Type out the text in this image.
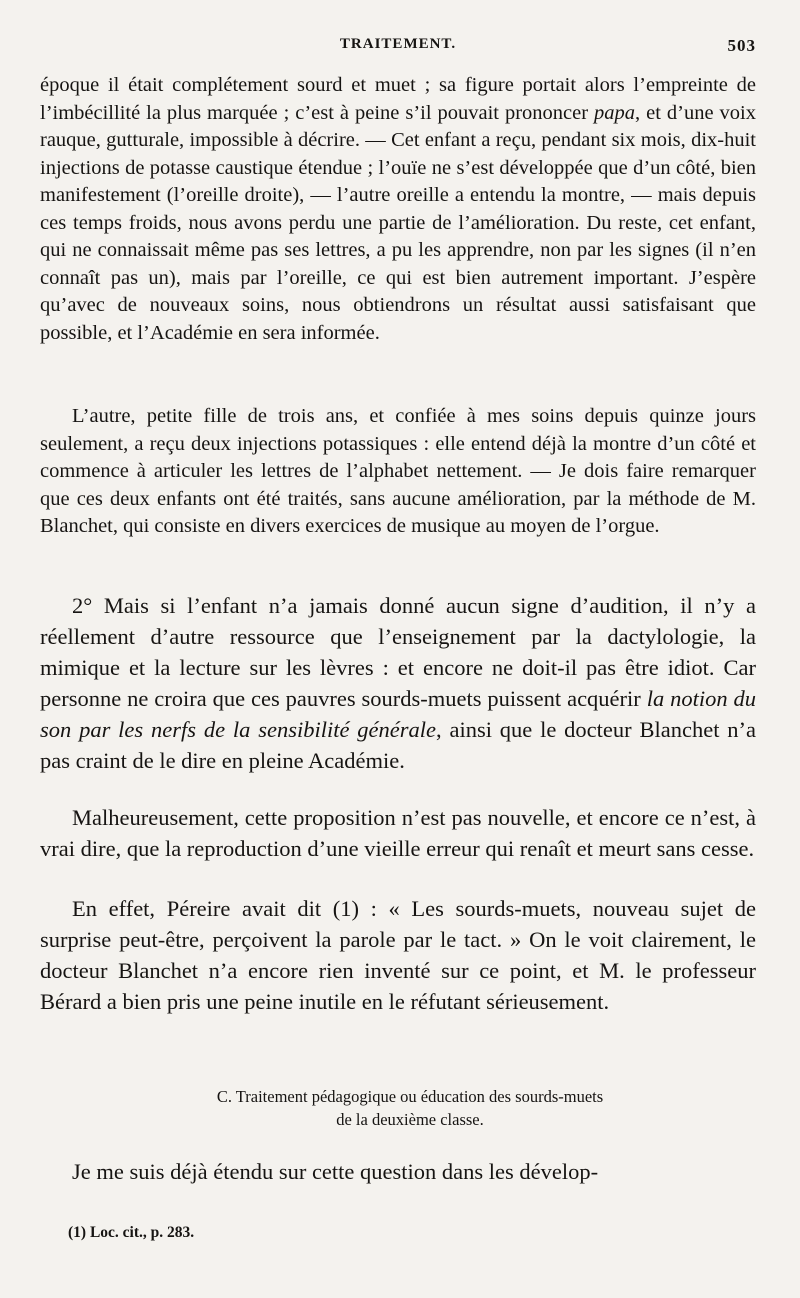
TRAITEMENT.	503

époque il était complétement sourd et muet ; sa figure portait alors l’empreinte de l’imbécillité la plus marquée ; c’est à peine s’il pouvait prononcer papa, et d’une voix rauque, gutturale, impossible à décrire. — Cet enfant a reçu, pendant six mois, dix-huit injections de potasse caustique étendue ; l’ouïe ne s’est développée que d’un côté, bien manifestement (l’oreille droite), — l’autre oreille a entendu la montre, — mais depuis ces temps froids, nous avons perdu une partie de l’amélioration. Du reste, cet enfant, qui ne connaissait même pas ses lettres, a pu les apprendre, non par les signes (il n’en connaît pas un), mais par l’oreille, ce qui est bien autrement important. J’espère qu’avec de nouveaux soins, nous obtiendrons un résultat aussi satisfaisant que possible, et l’Académie en sera informée.

L’autre, petite fille de trois ans, et confiée à mes soins depuis quinze jours seulement, a reçu deux injections potassiques : elle entend déjà la montre d’un côté et commence à articuler les lettres de l’alphabet nettement. — Je dois faire remarquer que ces deux enfants ont été traités, sans aucune amélioration, par la méthode de M. Blanchet, qui consiste en divers exercices de musique au moyen de l’orgue.

2° Mais si l’enfant n’a jamais donné aucun signe d’audition, il n’y a réellement d’autre ressource que l’enseignement par la dactylologie, la mimique et la lecture sur les lèvres : et encore ne doit-il pas être idiot. Car personne ne croira que ces pauvres sourds-muets puissent acquérir la notion du son par les nerfs de la sensibilité générale, ainsi que le docteur Blanchet n’a pas craint de le dire en pleine Académie.

Malheureusement, cette proposition n’est pas nouvelle, et encore ce n’est, à vrai dire, que la reproduction d’une vieille erreur qui renaît et meurt sans cesse.

En effet, Péreire avait dit (1) : « Les sourds-muets, nouveau sujet de surprise peut-être, perçoivent la parole par le tact. » On le voit clairement, le docteur Blanchet n’a encore rien inventé sur ce point, et M. le professeur Bérard a bien pris une peine inutile en le réfutant sérieusement.

C. Traitement pédagogique ou éducation des sourds-muets
de la deuxième classe.

Je me suis déjà étendu sur cette question dans les dévelop-

(1) Loc. cit., p. 283.
